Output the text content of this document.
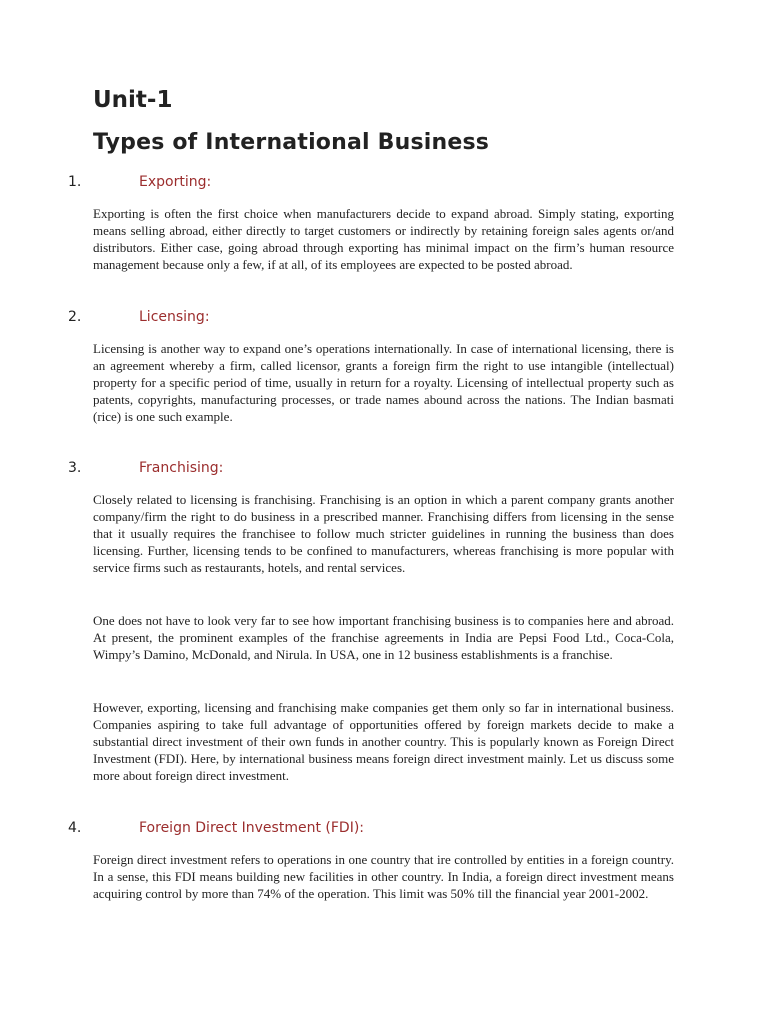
Unit-1
Types of International Business
1.	Exporting:

Exporting is often the first choice when manufacturers decide to expand abroad. Simply stating, exporting means selling abroad, either directly to target customers or indirectly by retaining foreign sales agents or/and distributors. Either case, going abroad through exporting has minimal impact on the firm’s human resource management because only a few, if at all, of its employees are expected to be posted abroad.

2.	Licensing:

Licensing is another way to expand one’s operations internationally. In case of international licensing, there is an agreement whereby a firm, called licensor, grants a foreign firm the right to use intangible (intellectual) property for a specific period of time, usually in return for a royalty. Licensing of intellectual property such as patents, copyrights, manufacturing processes, or trade names abound across the nations. The Indian basmati (rice) is one such example.

3.	Franchising:

Closely related to licensing is franchising. Franchising is an option in which a parent company grants another company/firm the right to do business in a prescribed manner. Franchising differs from licensing in the sense that it usually requires the franchisee to follow much stricter guidelines in running the business than does licensing. Further, licensing tends to be confined to manufacturers, whereas franchising is more popular with service firms such as restaurants, hotels, and rental services.

One does not have to look very far to see how important franchising business is to companies here and abroad. At present, the prominent examples of the franchise agreements in India are Pepsi Food Ltd., Coca-Cola, Wimpy’s Damino, McDonald, and Nirula. In USA, one in 12 business establishments is a franchise.

However, exporting, licensing and franchising make companies get them only so far in international business. Companies aspiring to take full advantage of opportunities offered by foreign markets decide to make a substantial direct investment of their own funds in another country. This is popularly known as Foreign Direct Investment (FDI). Here, by international business means foreign direct investment mainly. Let us discuss some more about foreign direct investment.

4.	Foreign Direct Investment (FDI):

Foreign direct investment refers to operations in one country that ire controlled by entities in a foreign country. In a sense, this FDI means building new facilities in other country. In India, a foreign direct investment means acquiring control by more than 74% of the operation. This limit was 50% till the financial year 2001-2002.
